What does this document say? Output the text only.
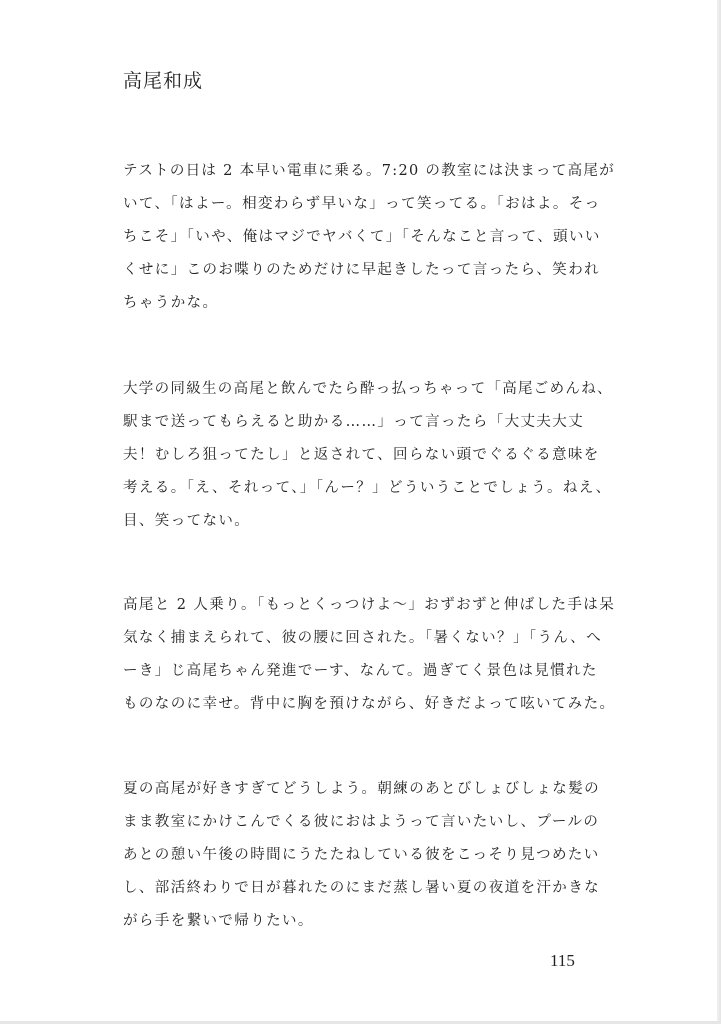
高尾和成
テストの日は 2 本早い電車に乗る。7:20 の教室には決まって高尾が
いて、「はよー。相変わらず早いな」って笑ってる。「おはよ。そっ
ちこそ」「いや、俺はマジでヤバくて」「そんなこと言って、頭いい
くせに」このお喋りのためだけに早起きしたって言ったら、笑われ
ちゃうかな。
大学の同級生の高尾と飲んでたら酔っ払っちゃって「高尾ごめんね、
駅まで送ってもらえると助かる……」って言ったら「大丈夫大丈
夫！むしろ狙ってたし」と返されて、回らない頭でぐるぐる意味を
考える。「え、それって、」「んー？」どういうことでしょう。ねえ、
目、笑ってない。
高尾と 2 人乗り。「もっとくっつけよ～」おずおずと伸ばした手は呆
気なく捕まえられて、彼の腰に回された。「暑くない？」「うん、へ
ーき」じ高尾ちゃん発進でーす、なんて。過ぎてく景色は見慣れた
ものなのに幸せ。背中に胸を預けながら、好きだよって呟いてみた。
夏の高尾が好きすぎてどうしよう。朝練のあとびしょびしょな髪の
まま教室にかけこんでくる彼におはようって言いたいし、プールの
あとの憩い午後の時間にうたたねしている彼をこっそり見つめたい
し、部活終わりで日が暮れたのにまだ蒸し暑い夏の夜道を汗かきな
がら手を繋いで帰りたい。
115
